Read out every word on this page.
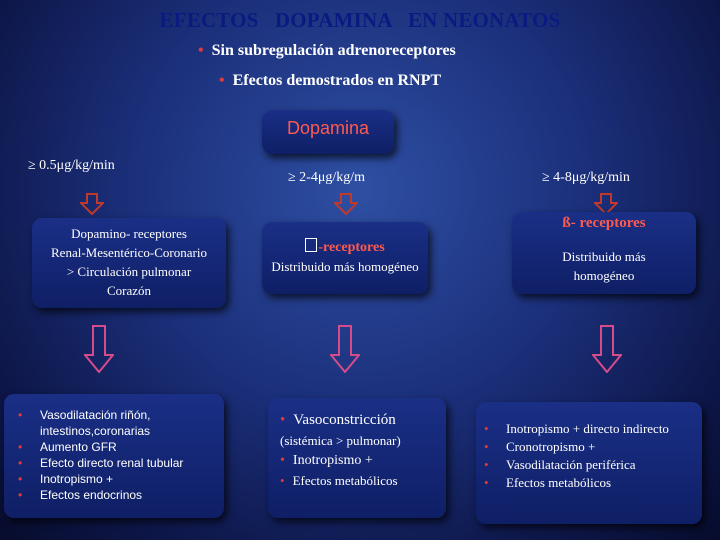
EFECTOS   DOPAMINA   EN NEONATOS
• Sin subregulación adrenoreceptores
• Efectos demostrados en RNPT
Dopamina
≥ 0.5μg/kg/min
≥ 2-4μg/kg/m	≥ 4-8μg/kg/min
Dopamino- receptores
Renal-Mesentérico-Coronario
> Circulación pulmonar
Corazón
-receptores
Distribuido más homogéneo
ß- receptores
Distribuido más homogéneo
• Vasodilatación riñón, intestinos,coronarias
• Aumento GFR
• Efecto directo renal tubular
• Inotropismo +
• Efectos endocrinos
• Vasoconstricción
(sistémica > pulmonar)
• Inotropismo +
• Efectos metabólicos
• Inotropismo + directo indirecto
• Cronotropismo +
• Vasodilatación periférica
• Efectos metabólicos
